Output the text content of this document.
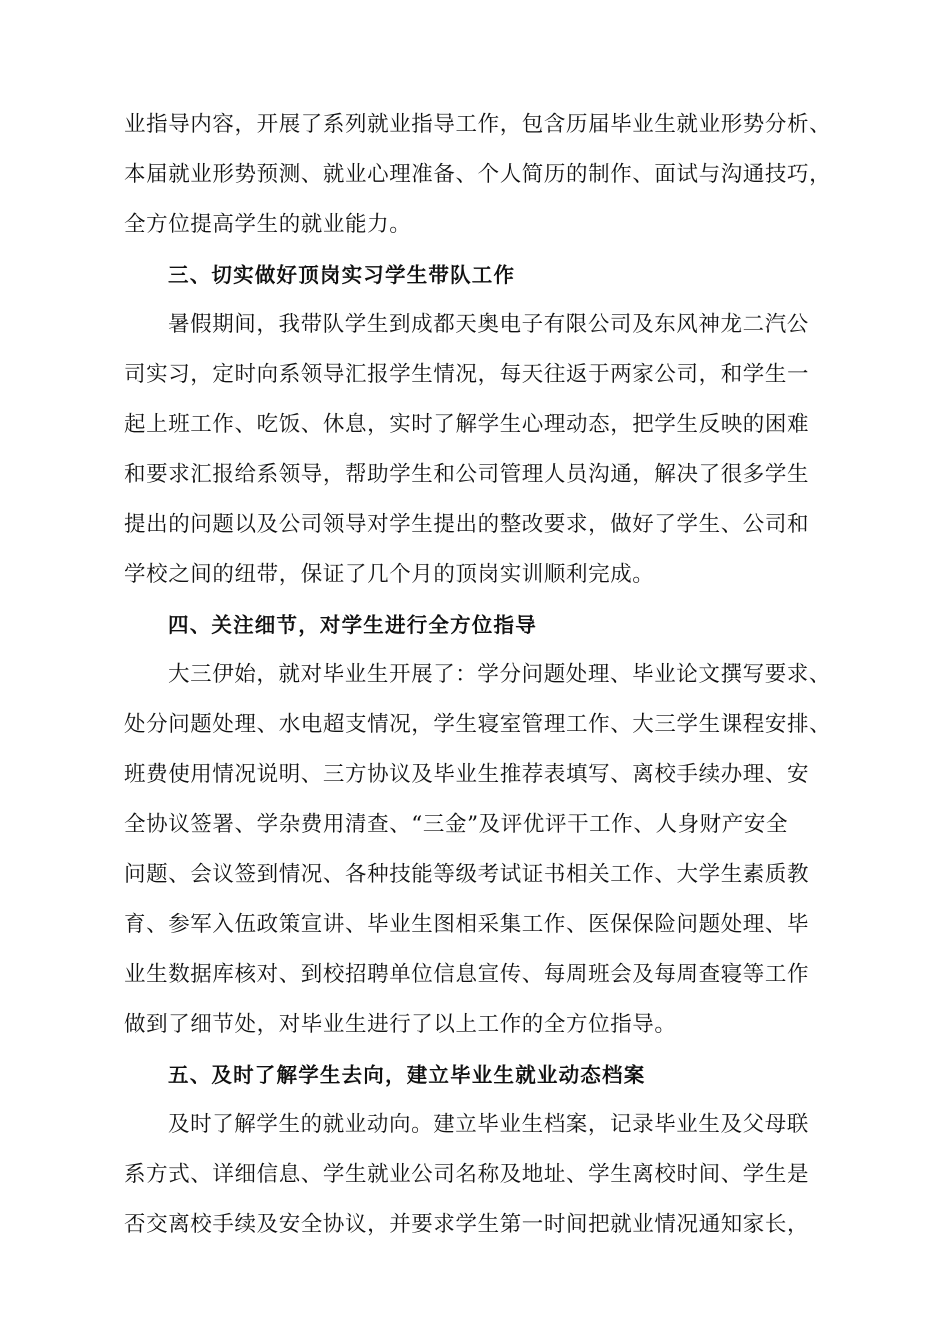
业指导内容，开展了系列就业指导工作，包含历届毕业生就业形势分析、
本届就业形势预测、就业心理准备、个人简历的制作、面试与沟通技巧，
全方位提高学生的就业能力。
三、切实做好顶岗实习学生带队工作
暑假期间，我带队学生到成都天奥电子有限公司及东风神龙二汽公
司实习，定时向系领导汇报学生情况，每天往返于两家公司，和学生一
起上班工作、吃饭、休息，实时了解学生心理动态，把学生反映的困难
和要求汇报给系领导，帮助学生和公司管理人员沟通，解决了很多学生
提出的问题以及公司领导对学生提出的整改要求，做好了学生、公司和
学校之间的纽带，保证了几个月的顶岗实训顺利完成。
四、关注细节，对学生进行全方位指导
大三伊始，就对毕业生开展了：学分问题处理、毕业论文撰写要求、
处分问题处理、水电超支情况，学生寝室管理工作、大三学生课程安排、
班费使用情况说明、三方协议及毕业生推荐表填写、离校手续办理、安
全协议签署、学杂费用清查、“三金”及评优评干工作、人身财产安全
问题、会议签到情况、各种技能等级考试证书相关工作、大学生素质教
育、参军入伍政策宣讲、毕业生图相采集工作、医保保险问题处理、毕
业生数据库核对、到校招聘单位信息宣传、每周班会及每周查寝等工作
做到了细节处，对毕业生进行了以上工作的全方位指导。
五、及时了解学生去向，建立毕业生就业动态档案
及时了解学生的就业动向。建立毕业生档案，记录毕业生及父母联
系方式、详细信息、学生就业公司名称及地址、学生离校时间、学生是
否交离校手续及安全协议，并要求学生第一时间把就业情况通知家长，
